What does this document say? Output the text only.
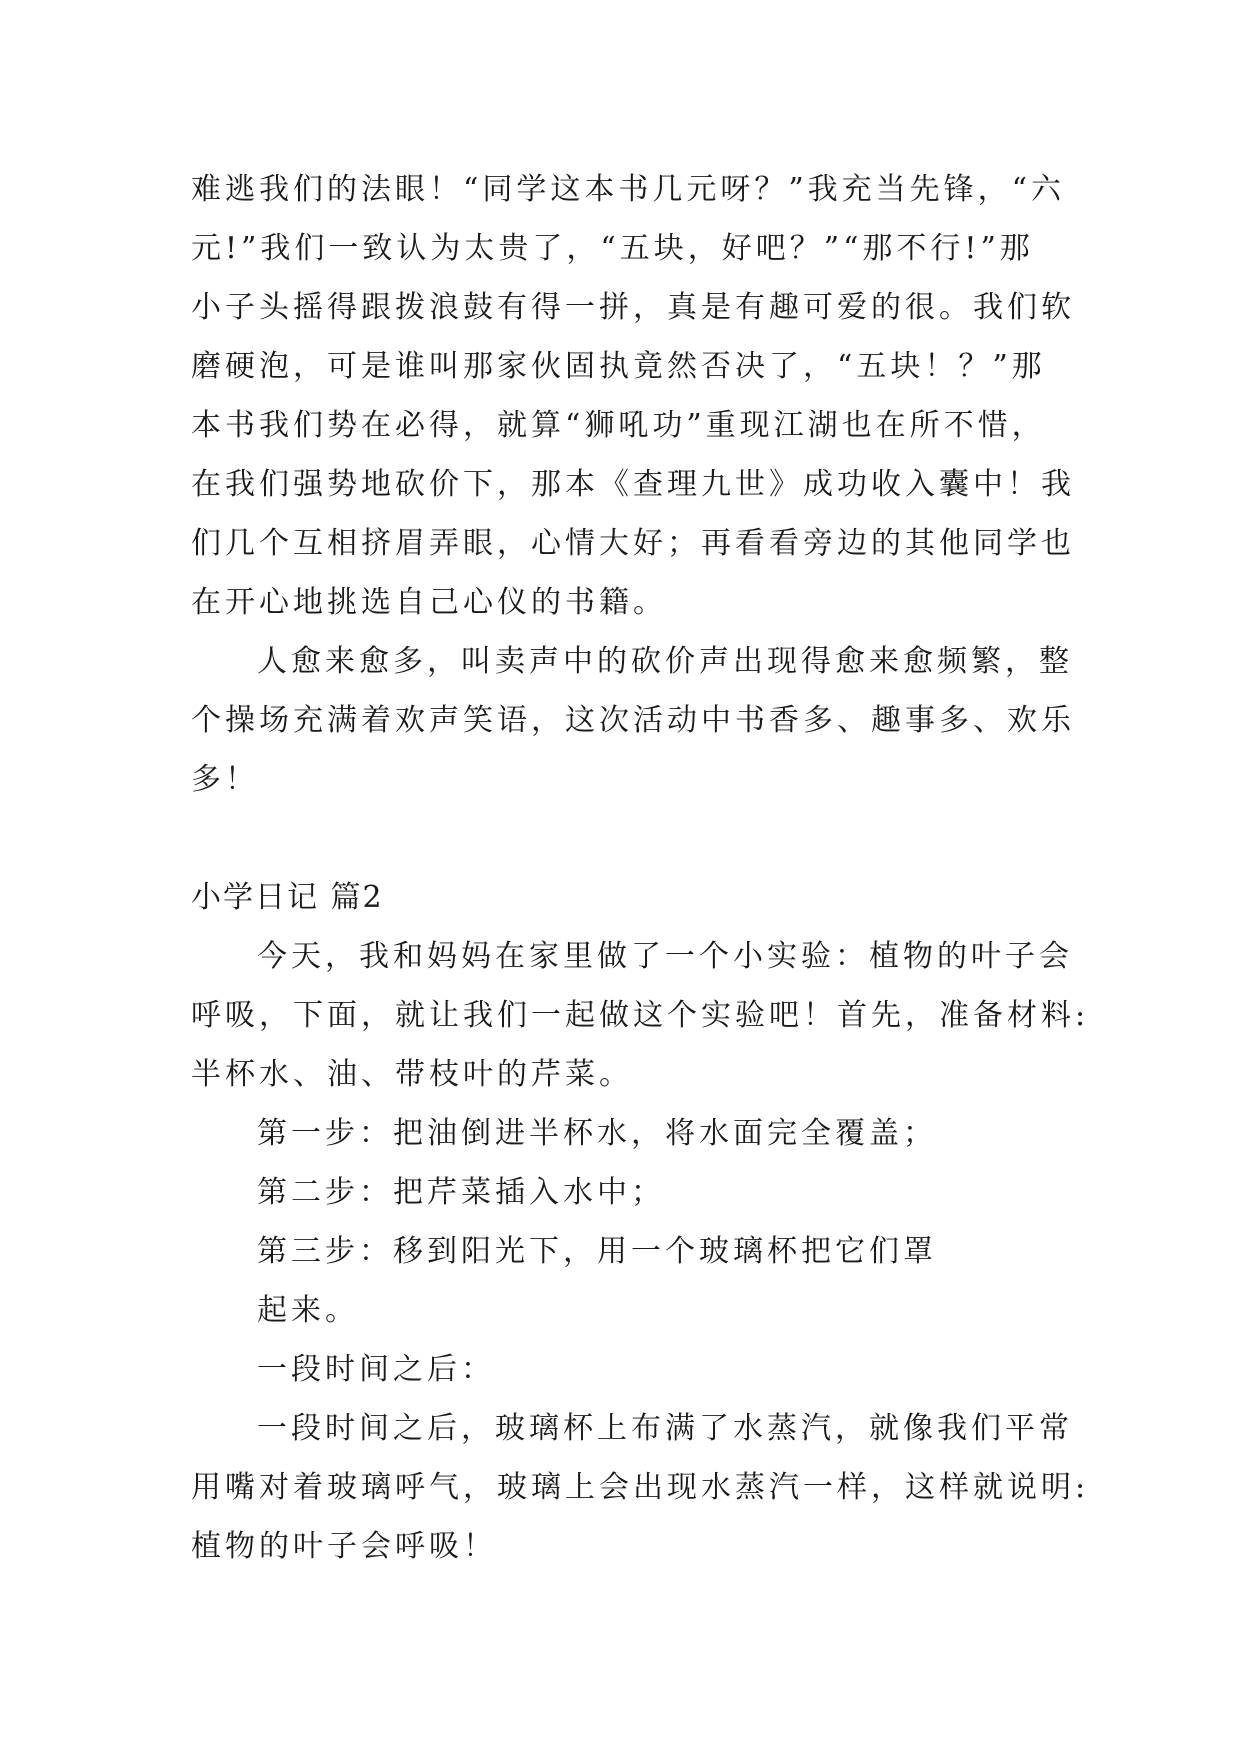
难逃我们的法眼！“同学这本书几元呀？”我充当先锋，“六
元!”我们一致认为太贵了，“五块，好吧？”“那不行!”那
小子头摇得跟拨浪鼓有得一拼，真是有趣可爱的很。我们软
磨硬泡，可是谁叫那家伙固执竟然否决了，“五块！？”那
本书我们势在必得，就算“狮吼功”重现江湖也在所不惜，
在我们强势地砍价下，那本《查理九世》成功收入囊中！我
们几个互相挤眉弄眼，心情大好；再看看旁边的其他同学也
在开心地挑选自己心仪的书籍。

人愈来愈多，叫卖声中的砍价声出现得愈来愈频繁，整
个操场充满着欢声笑语，这次活动中书香多、趣事多、欢乐
多！

小学日记 篇2

今天，我和妈妈在家里做了一个小实验：植物的叶子会
呼吸，下面，就让我们一起做这个实验吧！首先，准备材料:
半杯水、油、带枝叶的芹菜。

第一步：把油倒进半杯水，将水面完全覆盖；

第二步：把芹菜插入水中；

第三步：移到阳光下，用一个玻璃杯把它们罩
起来。

一段时间之后：

一段时间之后，玻璃杯上布满了水蒸汽，就像我们平常
用嘴对着玻璃呼气，玻璃上会出现水蒸汽一样，这样就说明:
植物的叶子会呼吸！
